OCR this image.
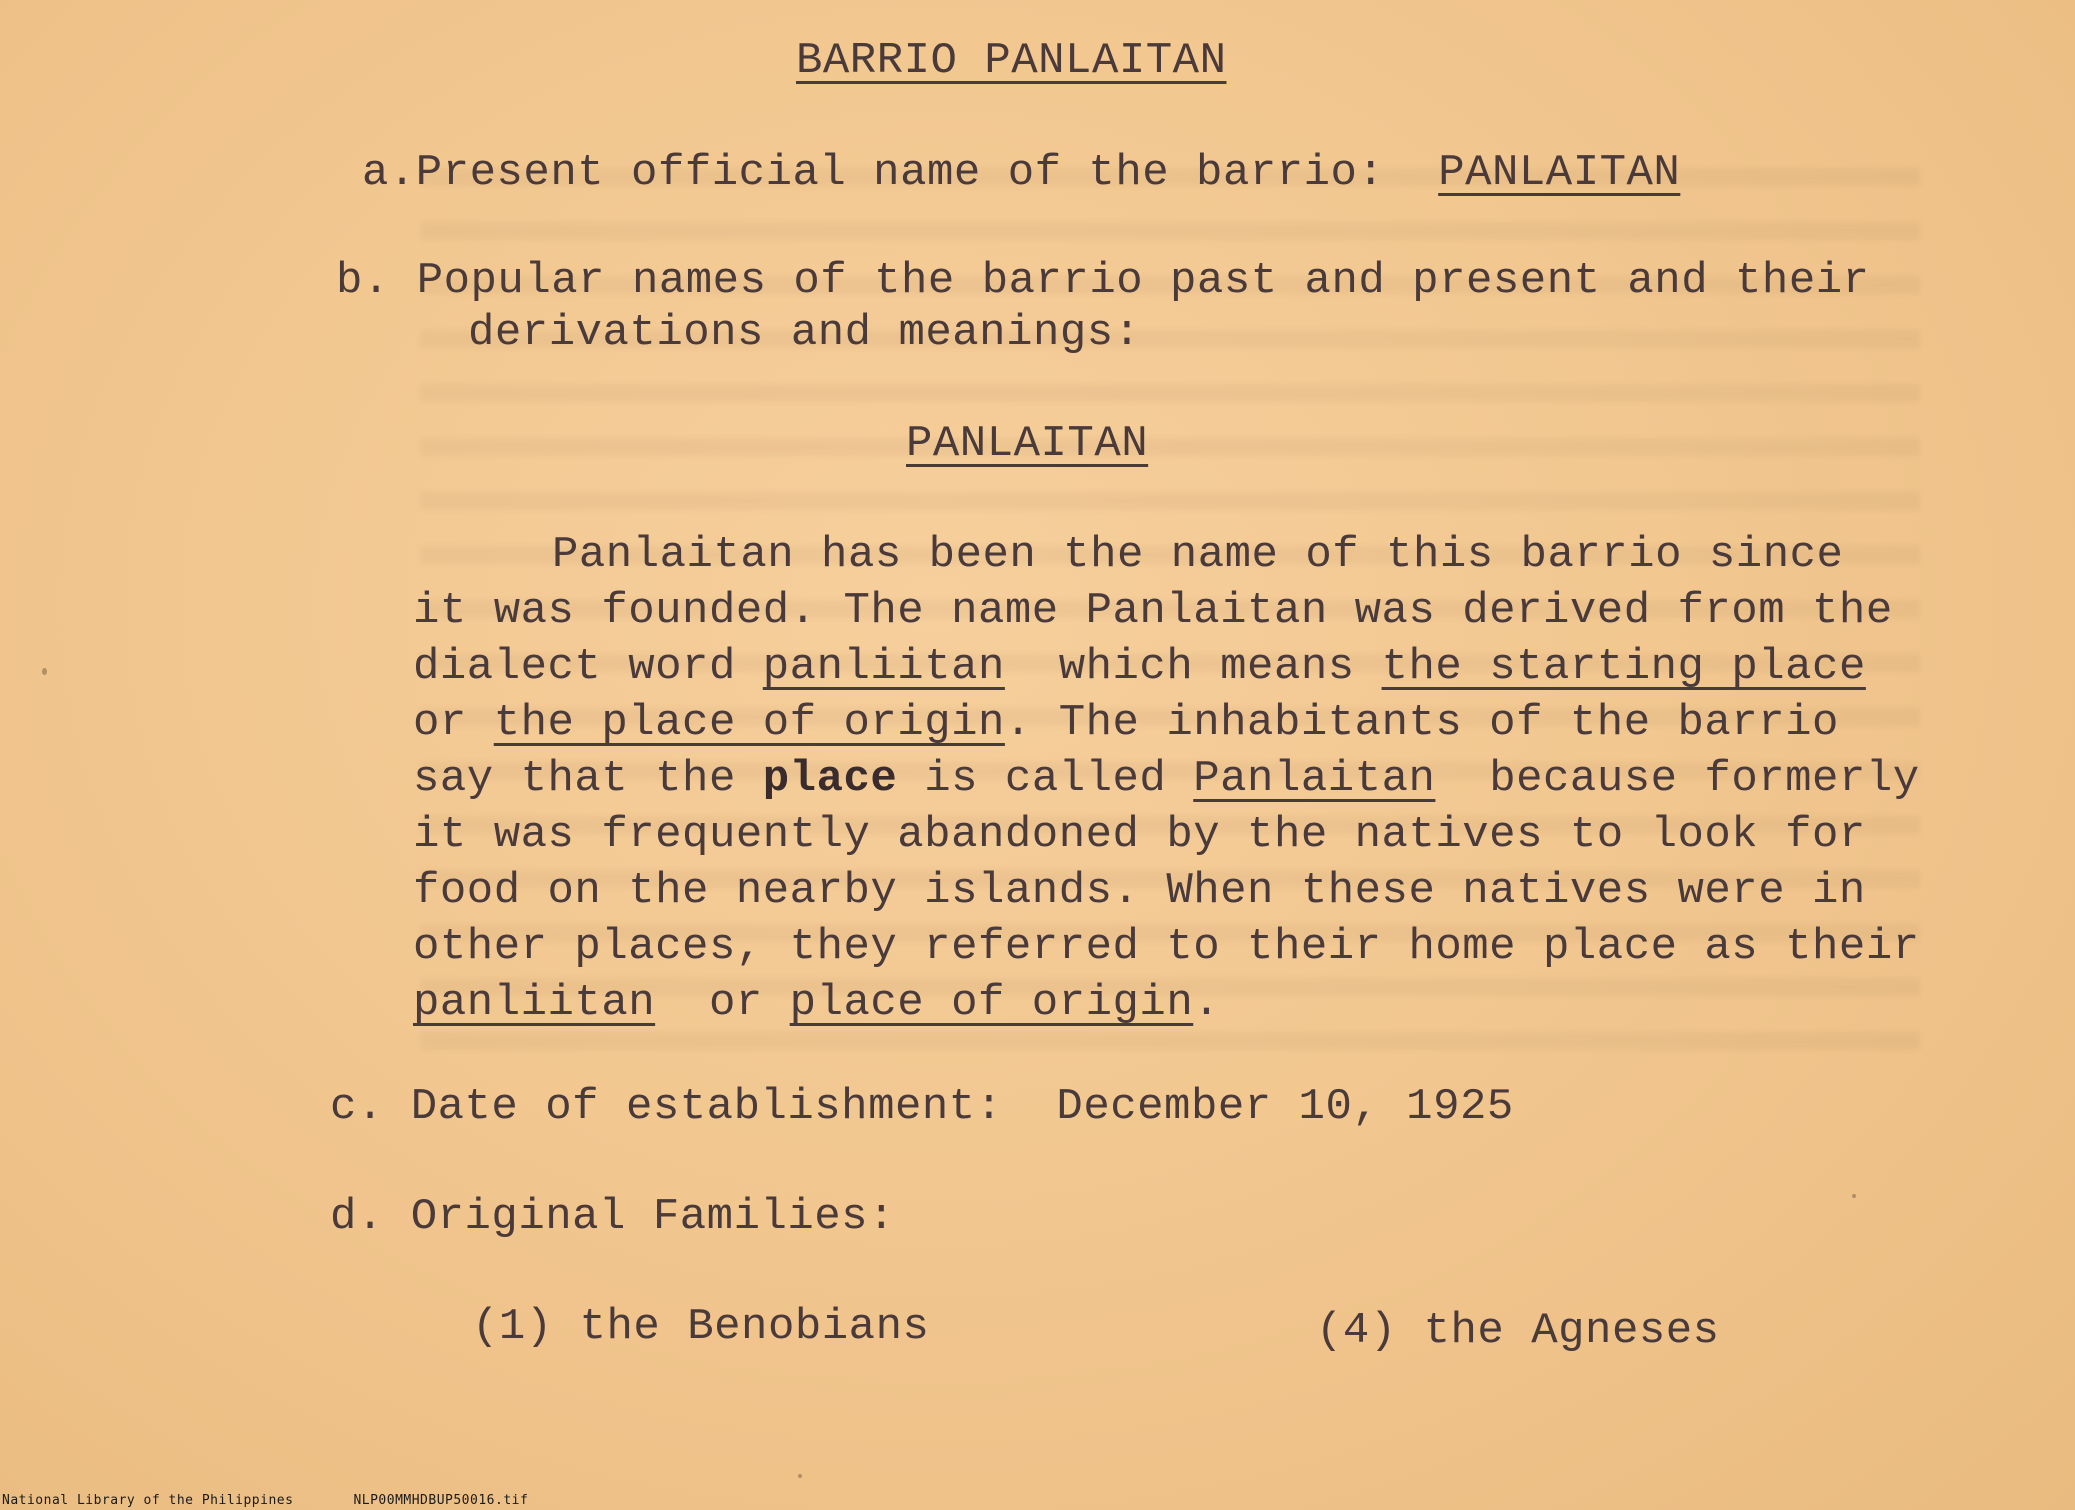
BARRIO PANLAITAN
a.Present official name of the barrio: PANLAITAN
b. Popular names of the barrio past and present and their
derivations and meanings:
PANLAITAN
Panlaitan has been the name of this barrio since
it was founded. The name Panlaitan was derived from the
dialect word panliitan  which means the starting place
or the place of origin. The inhabitants of the barrio
say that the place is called Panlaitan  because formerly
it was frequently abandoned by the natives to look for
food on the nearby islands. When these natives were in
other places, they referred to their home place as their
panliitan  or place of origin.
c. Date of establishment: December 10, 1925
d. Original Families:
(1) the Benobians	(4) the Agneses
National Library of the Philippines	NLP00MMHDBUP50016.tif
